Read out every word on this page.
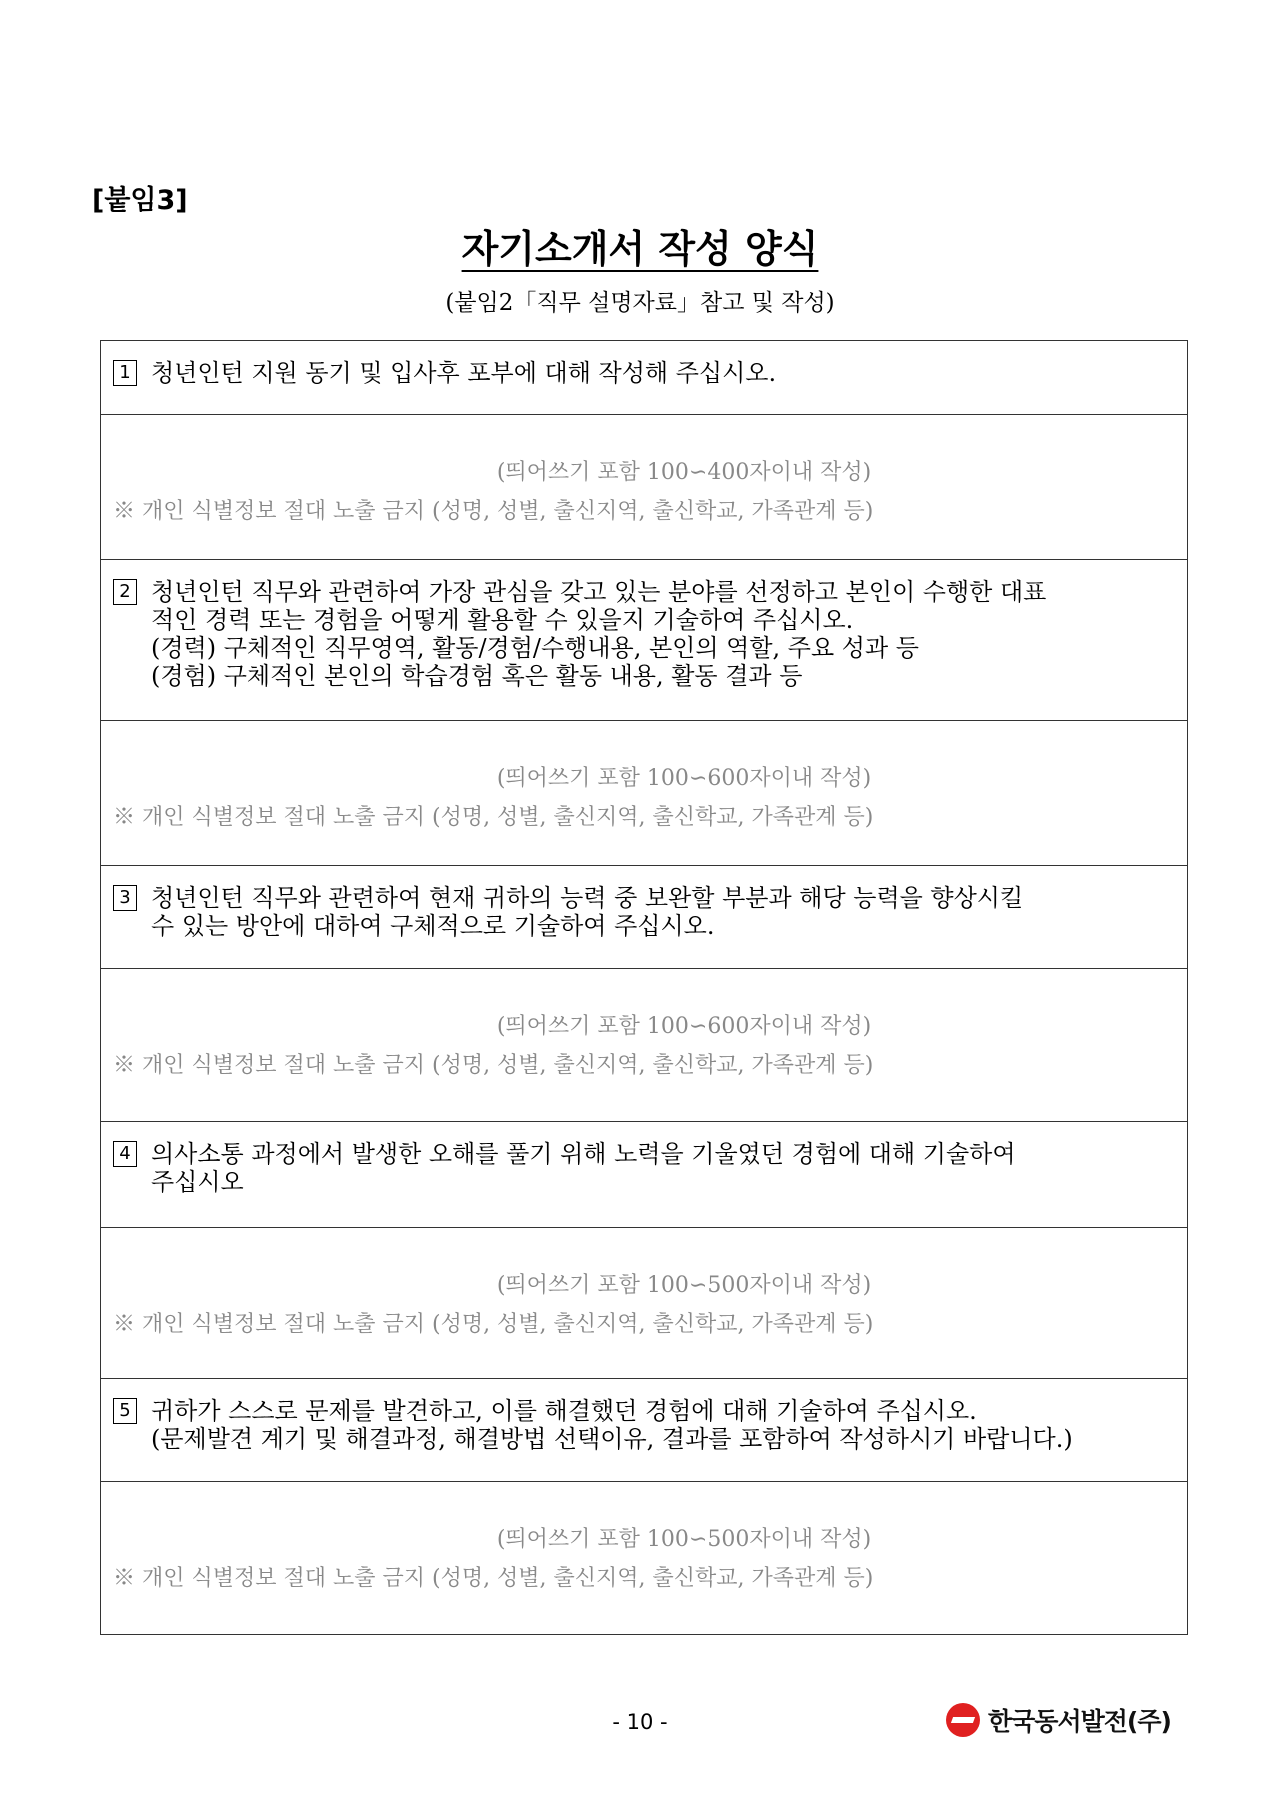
[붙임3]
자기소개서 작성 양식
(붙임2「직무 설명자료」참고 및 작성)
1 청년인턴 지원 동기 및 입사후 포부에 대해 작성해 주십시오.
(띄어쓰기 포함 100∽400자이내 작성)
※ 개인 식별정보 절대 노출 금지 (성명, 성별, 출신지역, 출신학교, 가족관계 등)
2 청년인턴 직무와 관련하여 가장 관심을 갖고 있는 분야를 선정하고 본인이 수행한 대표
적인 경력 또는 경험을 어떻게 활용할 수 있을지 기술하여 주십시오.
(경력) 구체적인 직무영역, 활동/경험/수행내용, 본인의 역할, 주요 성과 등
(경험) 구체적인 본인의 학습경험 혹은 활동 내용, 활동 결과 등
(띄어쓰기 포함 100∽600자이내 작성)
※ 개인 식별정보 절대 노출 금지 (성명, 성별, 출신지역, 출신학교, 가족관계 등)
3 청년인턴 직무와 관련하여 현재 귀하의 능력 중 보완할 부분과 해당 능력을 향상시킬
수 있는 방안에 대하여 구체적으로 기술하여 주십시오.
(띄어쓰기 포함 100∽600자이내 작성)
※ 개인 식별정보 절대 노출 금지 (성명, 성별, 출신지역, 출신학교, 가족관계 등)
4 의사소통 과정에서 발생한 오해를 풀기 위해 노력을 기울였던 경험에 대해 기술하여
주십시오
(띄어쓰기 포함 100∽500자이내 작성)
※ 개인 식별정보 절대 노출 금지 (성명, 성별, 출신지역, 출신학교, 가족관계 등)
5 귀하가 스스로 문제를 발견하고, 이를 해결했던 경험에 대해 기술하여 주십시오.
(문제발견 계기 및 해결과정, 해결방법 선택이유, 결과를 포함하여 작성하시기 바랍니다.)
(띄어쓰기 포함 100∽500자이내 작성)
※ 개인 식별정보 절대 노출 금지 (성명, 성별, 출신지역, 출신학교, 가족관계 등)
- 10 -	한국동서발전(주)
